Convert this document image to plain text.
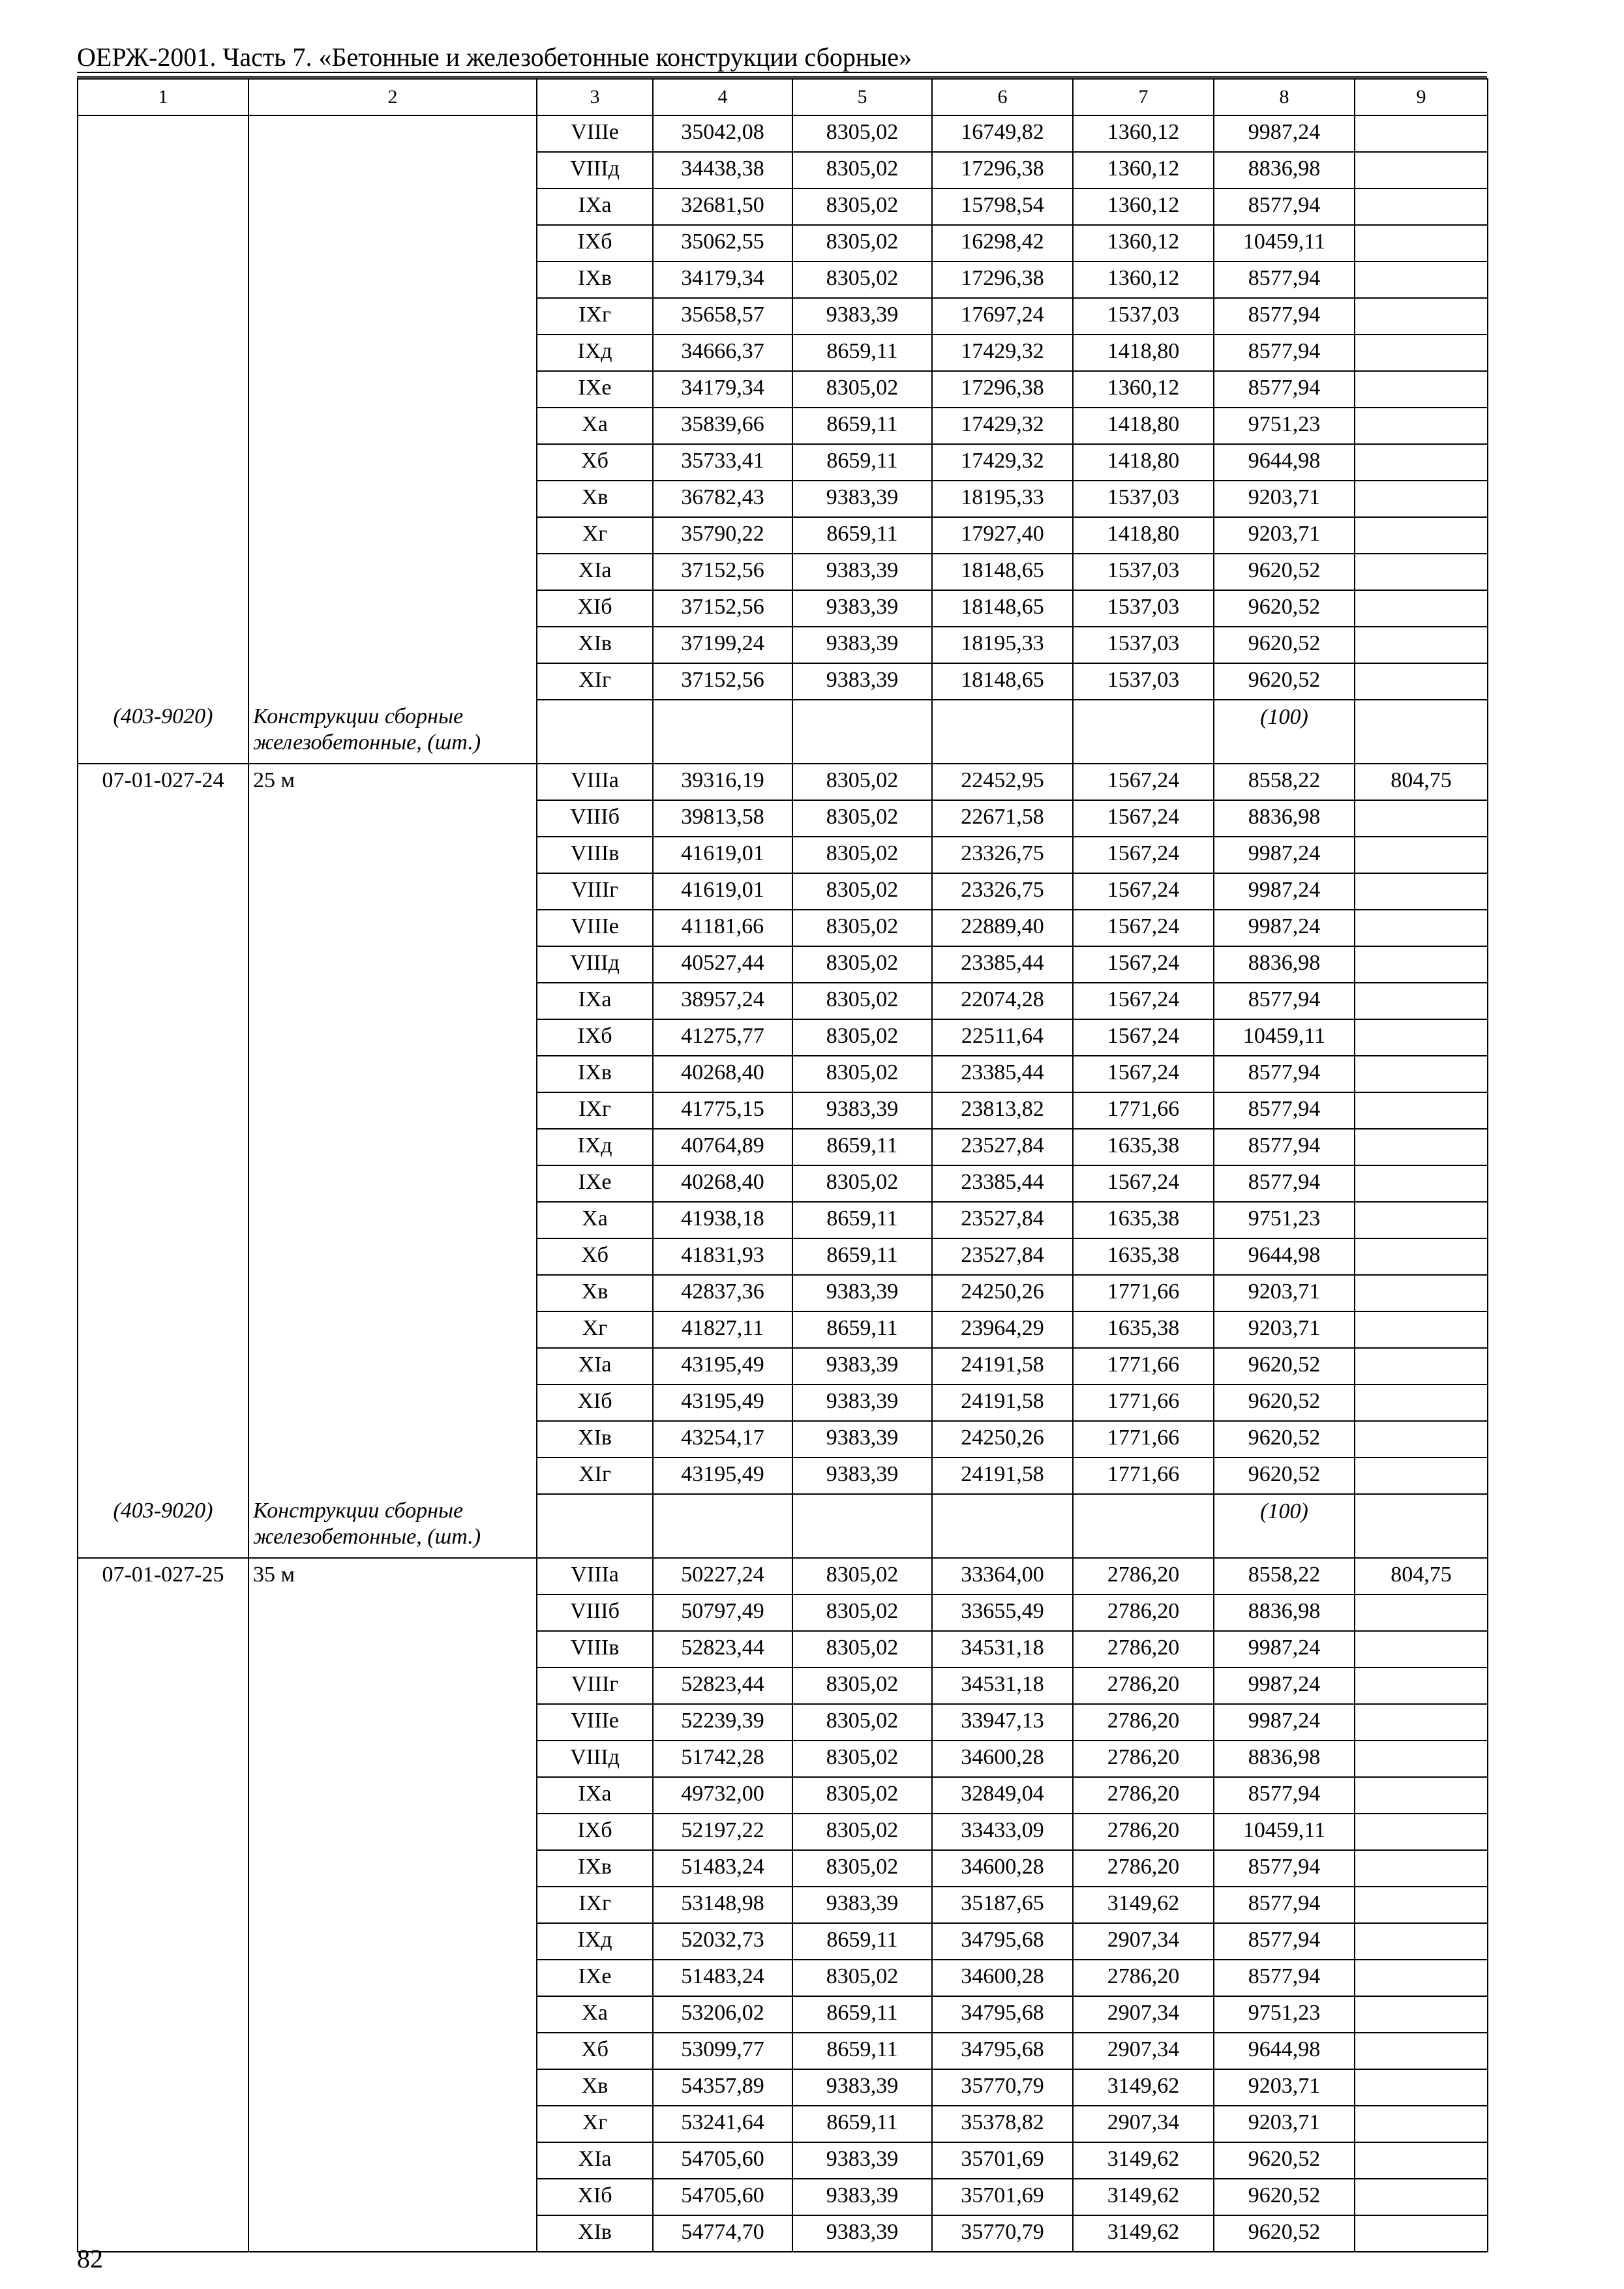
ОЕРЖ-2001. Часть 7. «Бетонные и железобетонные конструкции сборные»
1	2	3	4	5	6	7	8	9
		VIIIе	35042,08	8305,02	16749,82	1360,12	9987,24	
		VIIIд	34438,38	8305,02	17296,38	1360,12	8836,98	
		IXа	32681,50	8305,02	15798,54	1360,12	8577,94	
		IXб	35062,55	8305,02	16298,42	1360,12	10459,11	
		IXв	34179,34	8305,02	17296,38	1360,12	8577,94	
		IXг	35658,57	9383,39	17697,24	1537,03	8577,94	
		IXд	34666,37	8659,11	17429,32	1418,80	8577,94	
		IXе	34179,34	8305,02	17296,38	1360,12	8577,94	
		Xа	35839,66	8659,11	17429,32	1418,80	9751,23	
		Xб	35733,41	8659,11	17429,32	1418,80	9644,98	
		Xв	36782,43	9383,39	18195,33	1537,03	9203,71	
		Xг	35790,22	8659,11	17927,40	1418,80	9203,71	
		XIа	37152,56	9383,39	18148,65	1537,03	9620,52	
		XIб	37152,56	9383,39	18148,65	1537,03	9620,52	
		XIв	37199,24	9383,39	18195,33	1537,03	9620,52	
		XIг	37152,56	9383,39	18148,65	1537,03	9620,52	
(403-9020)	Конструкции сборные железобетонные, (шт.)						(100)	
07-01-027-24	25 м	VIIIа	39316,19	8305,02	22452,95	1567,24	8558,22	804,75
		VIIIб	39813,58	8305,02	22671,58	1567,24	8836,98	
		VIIIв	41619,01	8305,02	23326,75	1567,24	9987,24	
		VIIIг	41619,01	8305,02	23326,75	1567,24	9987,24	
		VIIIе	41181,66	8305,02	22889,40	1567,24	9987,24	
		VIIIд	40527,44	8305,02	23385,44	1567,24	8836,98	
		IXа	38957,24	8305,02	22074,28	1567,24	8577,94	
		IXб	41275,77	8305,02	22511,64	1567,24	10459,11	
		IXв	40268,40	8305,02	23385,44	1567,24	8577,94	
		IXг	41775,15	9383,39	23813,82	1771,66	8577,94	
		IXд	40764,89	8659,11	23527,84	1635,38	8577,94	
		IXе	40268,40	8305,02	23385,44	1567,24	8577,94	
		Xа	41938,18	8659,11	23527,84	1635,38	9751,23	
		Xб	41831,93	8659,11	23527,84	1635,38	9644,98	
		Xв	42837,36	9383,39	24250,26	1771,66	9203,71	
		Xг	41827,11	8659,11	23964,29	1635,38	9203,71	
		XIа	43195,49	9383,39	24191,58	1771,66	9620,52	
		XIб	43195,49	9383,39	24191,58	1771,66	9620,52	
		XIв	43254,17	9383,39	24250,26	1771,66	9620,52	
		XIг	43195,49	9383,39	24191,58	1771,66	9620,52	
(403-9020)	Конструкции сборные железобетонные, (шт.)						(100)	
07-01-027-25	35 м	VIIIа	50227,24	8305,02	33364,00	2786,20	8558,22	804,75
		VIIIб	50797,49	8305,02	33655,49	2786,20	8836,98	
		VIIIв	52823,44	8305,02	34531,18	2786,20	9987,24	
		VIIIг	52823,44	8305,02	34531,18	2786,20	9987,24	
		VIIIе	52239,39	8305,02	33947,13	2786,20	9987,24	
		VIIIд	51742,28	8305,02	34600,28	2786,20	8836,98	
		IXа	49732,00	8305,02	32849,04	2786,20	8577,94	
		IXб	52197,22	8305,02	33433,09	2786,20	10459,11	
		IXв	51483,24	8305,02	34600,28	2786,20	8577,94	
		IXг	53148,98	9383,39	35187,65	3149,62	8577,94	
		IXд	52032,73	8659,11	34795,68	2907,34	8577,94	
		IXе	51483,24	8305,02	34600,28	2786,20	8577,94	
		Xа	53206,02	8659,11	34795,68	2907,34	9751,23	
		Xб	53099,77	8659,11	34795,68	2907,34	9644,98	
		Xв	54357,89	9383,39	35770,79	3149,62	9203,71	
		Xг	53241,64	8659,11	35378,82	2907,34	9203,71	
		XIа	54705,60	9383,39	35701,69	3149,62	9620,52	
		XIб	54705,60	9383,39	35701,69	3149,62	9620,52	
		XIв	54774,70	9383,39	35770,79	3149,62	9620,52	
82
